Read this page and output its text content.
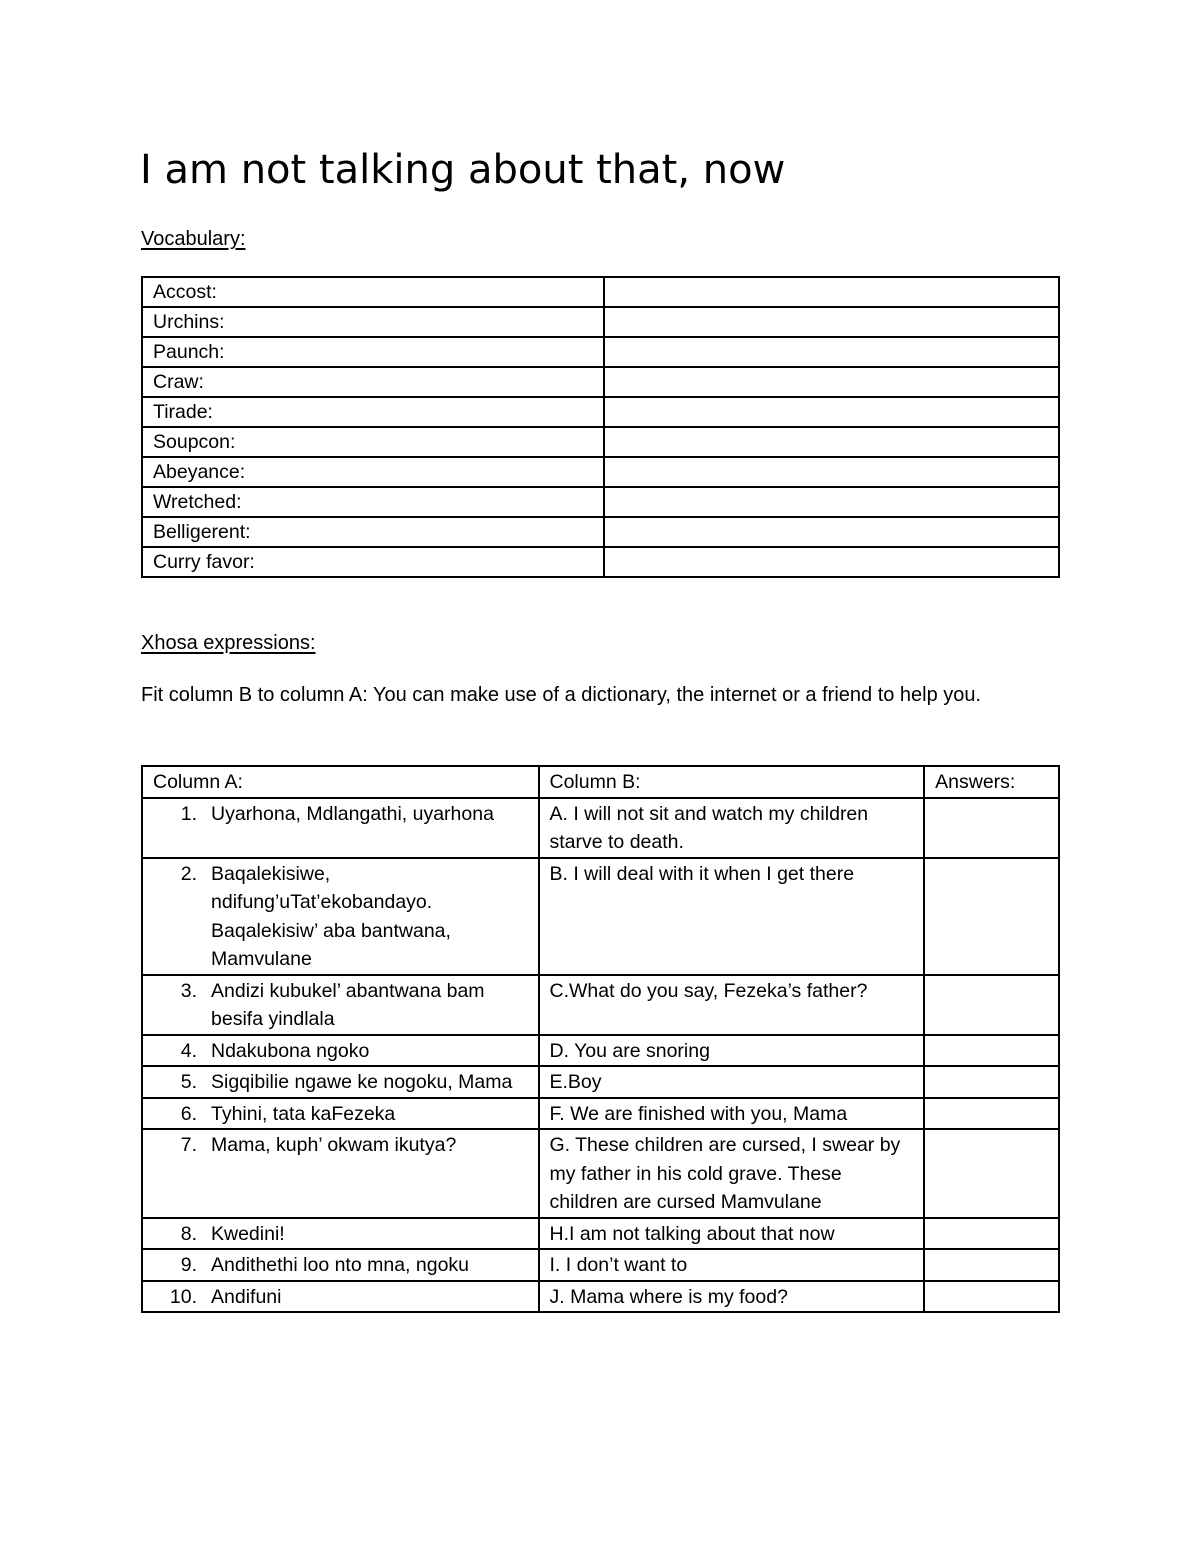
I am not talking about that, now
Vocabulary:
Accost:	
Urchins:	
Paunch:	
Craw:	
Tirade:	
Soupcon:	
Abeyance:	
Wretched:	
Belligerent:	
Curry favor:	
Xhosa expressions:
Fit column B to column A: You can make use of a dictionary, the internet or a friend to help you.
Column A:	Column B:	Answers:

1. Uyarhona, Mdlangathi, uyarhona	A. I will not sit and watch my children starve to death.	

2. Baqalekisiwe, ndifung’uTat’ekobandayo. Baqalekisiw’ aba bantwana, Mamvulane	B. I will deal with it when I get there	

3. Andizi kubukel’ abantwana bam besifa yindlala	C.What do you say, Fezeka’s father?	

4. Ndakubona ngoko	D. You are snoring	

5. Sigqibilie ngawe ke nogoku, Mama	E.Boy	

6. Tyhini, tata kaFezeka	F. We are finished with you, Mama	

7. Mama, kuph’ okwam ikutya?	G. These children are cursed, I swear by my father in his cold grave. These children are cursed Mamvulane	

8. Kwedini!	H.I am not talking about that now	

9. Andithethi loo nto mna, ngoku	I. I don’t want to	

10. Andifuni	J. Mama where is my food?	
